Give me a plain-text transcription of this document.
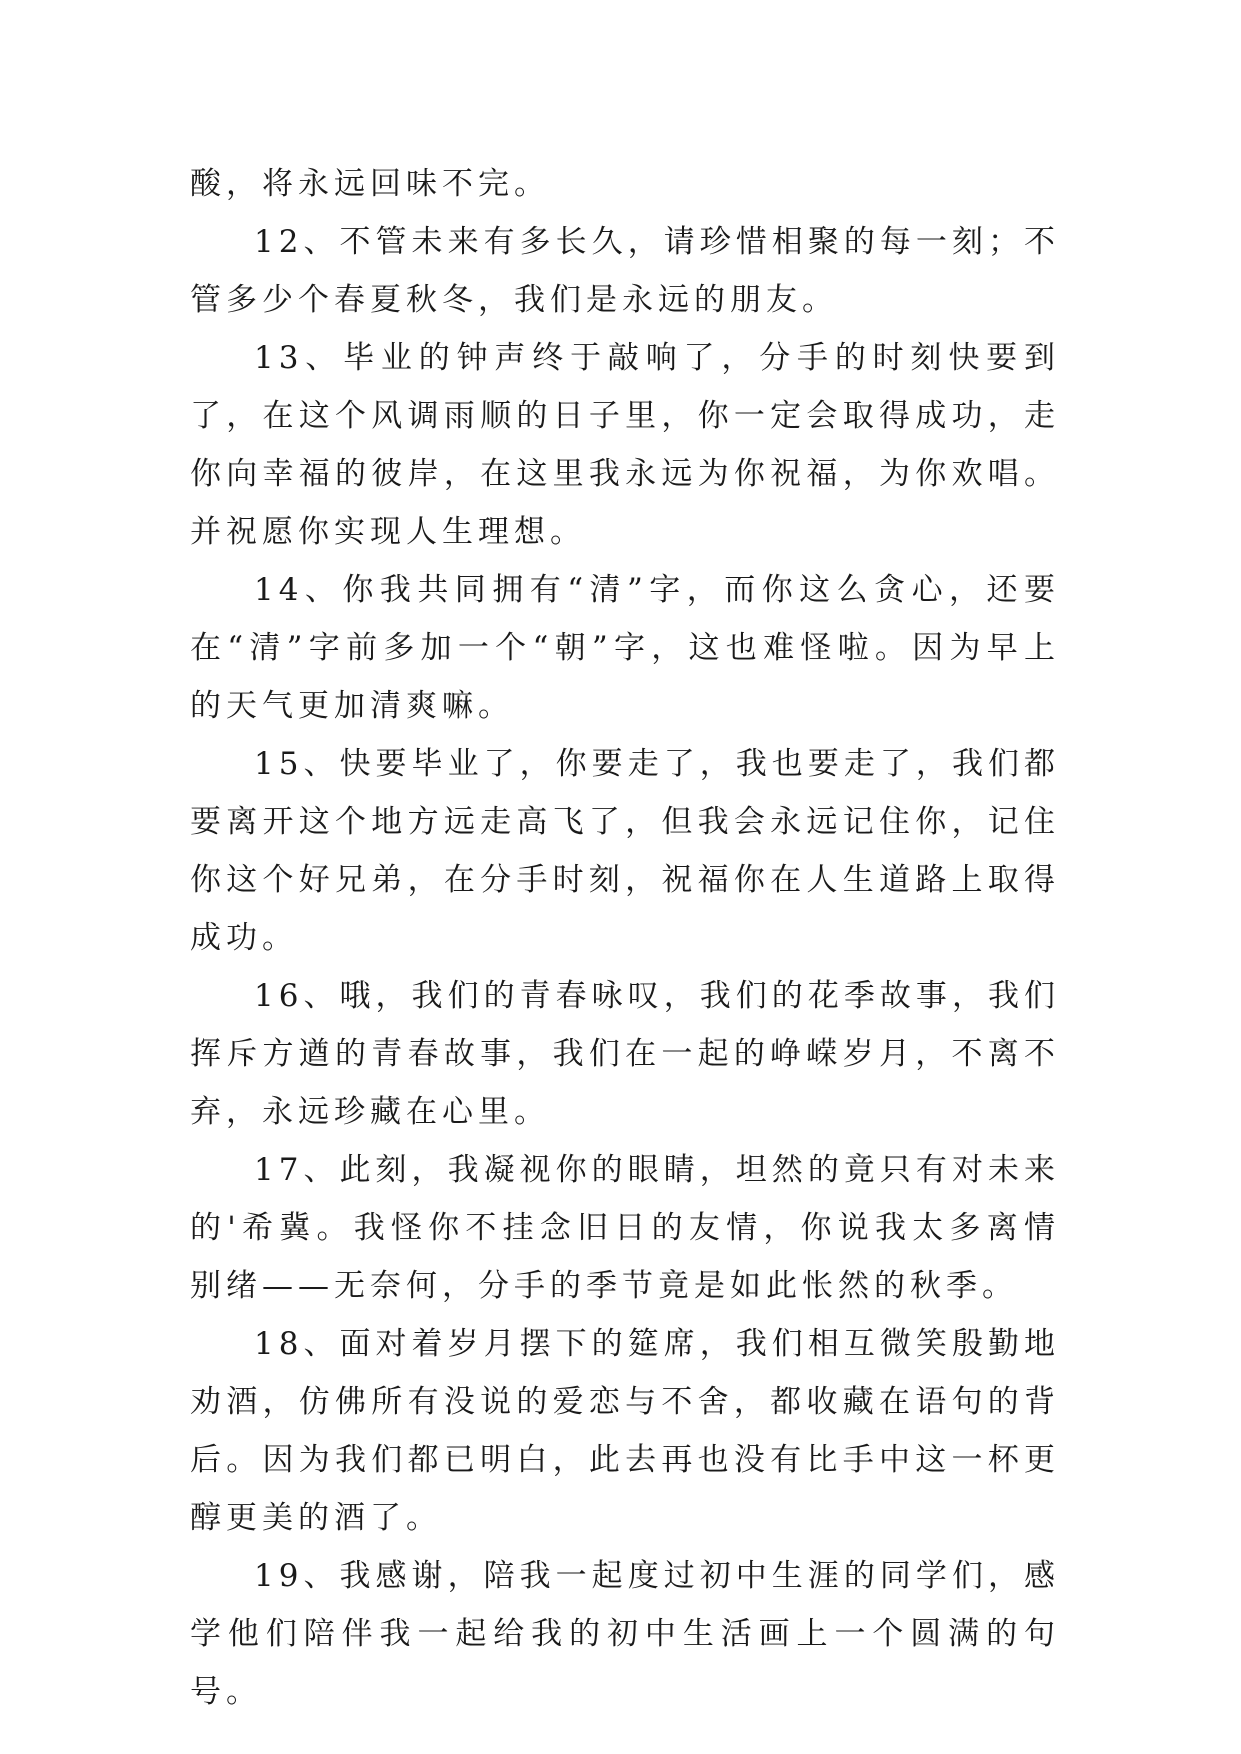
酸，将永远回味不完。

12、不管未来有多长久，请珍惜相聚的每一刻；不管多少个春夏秋冬，我们是永远的朋友。

13、毕业的钟声终于敲响了，分手的时刻快要到了，在这个风调雨顺的日子里，你一定会取得成功，走你向幸福的彼岸，在这里我永远为你祝福，为你欢唱。并祝愿你实现人生理想。

14、你我共同拥有“清”字，而你这么贪心，还要在“清”字前多加一个“朝”字，这也难怪啦。因为早上的天气更加清爽嘛。

15、快要毕业了，你要走了，我也要走了，我们都要离开这个地方远走高飞了，但我会永远记住你，记住你这个好兄弟，在分手时刻，祝福你在人生道路上取得成功。

16、哦，我们的青春咏叹，我们的花季故事，我们挥斥方遒的青春故事，我们在一起的峥嵘岁月，不离不弃，永远珍藏在心里。

17、此刻，我凝视你的眼睛，坦然的竟只有对未来的'希冀。我怪你不挂念旧日的友情，你说我太多离情别绪——无奈何，分手的季节竟是如此怅然的秋季。

18、面对着岁月摆下的筵席，我们相互微笑殷勤地劝酒，仿佛所有没说的爱恋与不舍，都收藏在语句的背后。因为我们都已明白，此去再也没有比手中这一杯更醇更美的酒了。

19、我感谢，陪我一起度过初中生涯的同学们，感学他们陪伴我一起给我的初中生活画上一个圆满的句号。
